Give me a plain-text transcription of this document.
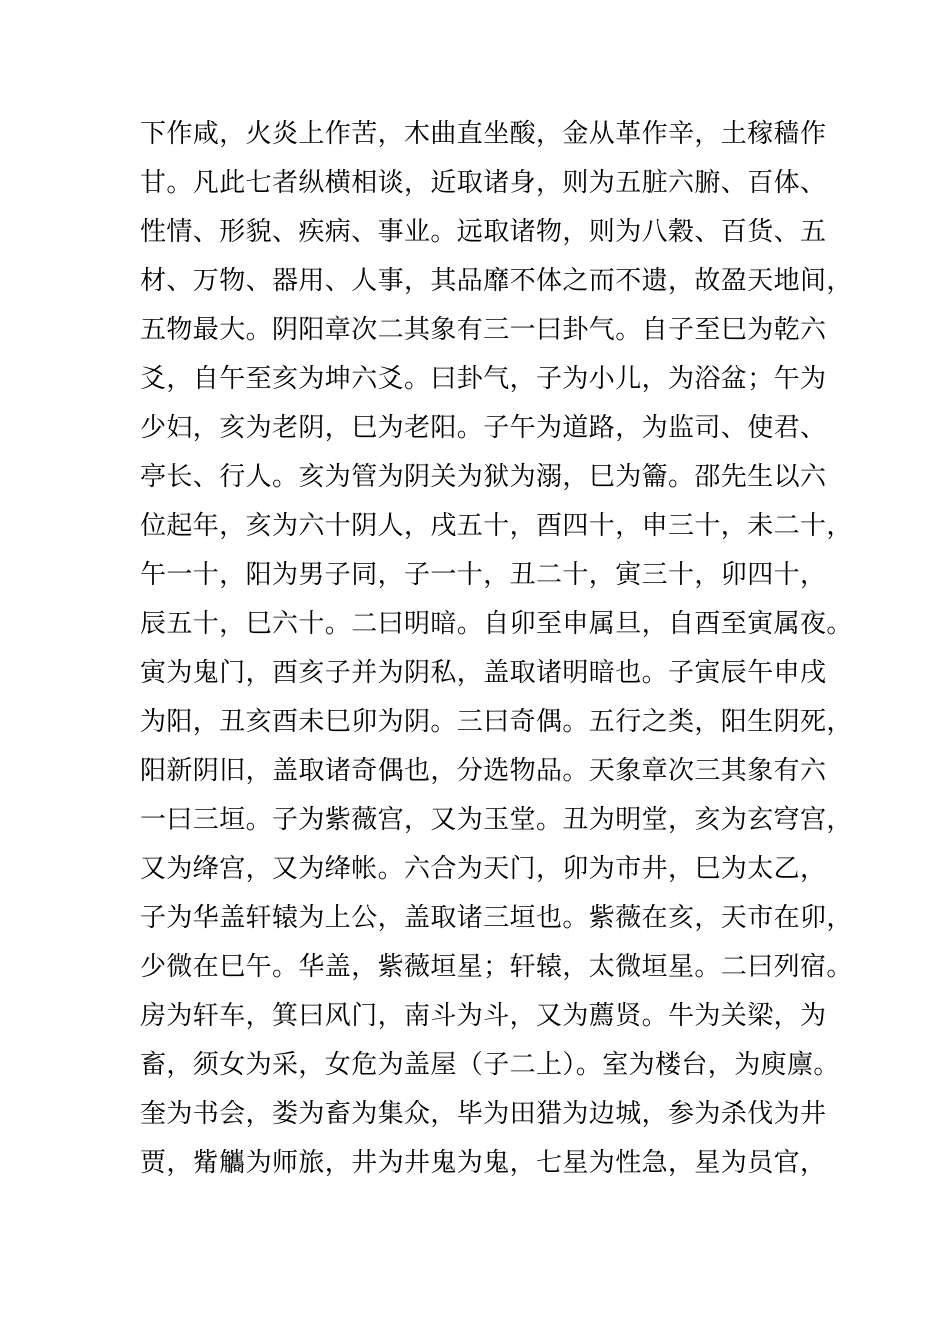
下作咸，火炎上作苦，木曲直坐酸，金从革作辛，土稼穑作
甘。凡此七者纵横相谈，近取诸身，则为五脏六腑、百体、
性情、形貌、疾病、事业。远取诸物，则为八穀、百货、五
材、万物、器用、人事，其品靡不体之而不遗，故盈天地间，
五物最大。阴阳章次二其象有三一曰卦气。自子至巳为乾六
爻，自午至亥为坤六爻。曰卦气，子为小儿，为浴盆；午为
少妇，亥为老阴，巳为老阳。子午为道路，为监司、使君、
亭长、行人。亥为管为阴关为狱为溺，巳为籥。邵先生以六
位起年，亥为六十阴人，戌五十，酉四十，申三十，未二十，
午一十，阳为男子同，子一十，丑二十，寅三十，卯四十，
辰五十，巳六十。二曰明暗。自卯至申属旦，自酉至寅属夜。
寅为鬼门，酉亥子并为阴私，盖取诸明暗也。子寅辰午申戌
为阳，丑亥酉未巳卯为阴。三曰奇偶。五行之类，阳生阴死，
阳新阴旧，盖取诸奇偶也，分选物品。天象章次三其象有六
一曰三垣。子为紫薇宫，又为玉堂。丑为明堂，亥为玄穹宫，
又为绛宫，又为绛帐。六合为天门，卯为市井，巳为太乙，
子为华盖轩辕为上公，盖取诸三垣也。紫薇在亥，天市在卯，
少微在巳午。华盖，紫薇垣星；轩辕，太微垣星。二曰列宿。
房为轩车，箕曰风门，南斗为斗，又为薦贤。牛为关梁，为
畜，须女为采，女危为盖屋（子二上）。室为楼台，为庾廪。
奎为书会，娄为畜为集众，毕为田猎为边城，参为杀伐为井
贾，觜觿为师旅，井为井鬼为鬼，七星为性急，星为员官，
